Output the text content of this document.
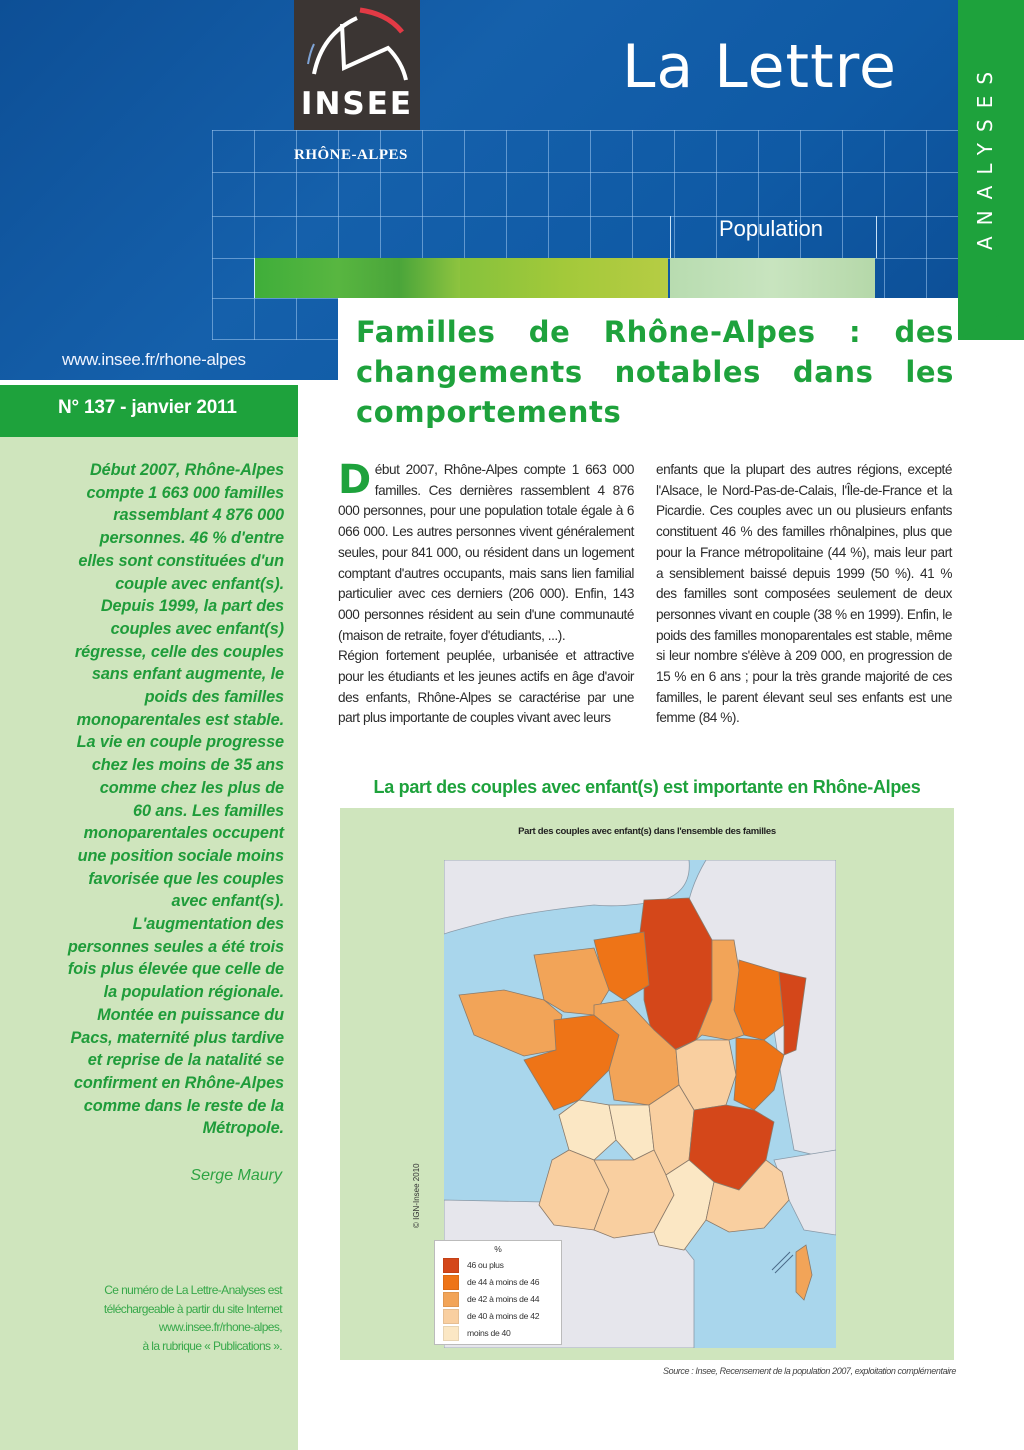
INSEE
RHÔNE-ALPES
La Lettre
Population
www.insee.fr/rhone-alpes
ANALYSES
N° 137 - janvier 2011
Début 2007, Rhône-Alpes
compte 1 663 000 familles
rassemblant 4 876 000
personnes. 46 % d'entre
elles sont constituées d'un
couple avec enfant(s).
Depuis 1999, la part des
couples avec enfant(s)
régresse, celle des couples
sans enfant augmente, le
poids des familles
monoparentales est stable.
La vie en couple progresse
chez les moins de 35 ans
comme chez les plus de
60 ans. Les familles
monoparentales occupent
une position sociale moins
favorisée que les couples
avec enfant(s).
L'augmentation des
personnes seules a été trois
fois plus élevée que celle de
la population régionale.
Montée en puissance du
Pacs, maternité plus tardive
et reprise de la natalité se
confirment en Rhône-Alpes
comme dans le reste de la
Métropole.
Serge Maury
Ce numéro de La Lettre-Analyses est
téléchargeable à partir du site Internet
www.insee.fr/rhone-alpes,
à la rubrique « Publications ».
Familles de Rhône-Alpes : des changements notables dans les comportements

Début 2007, Rhône-Alpes compte 1 663 000 familles. Ces dernières rassemblent 4 876 000 personnes, pour une population totale égale à 6 066 000. Les autres personnes vivent généralement seules, pour 841 000, ou résident dans un logement comptant d'autres occupants, mais sans lien familial particulier avec ces derniers (206 000). Enfin, 143 000 personnes résident au sein d'une communauté (maison de retraite, foyer d'étudiants, ...).

Région fortement peuplée, urbanisée et attractive pour les étudiants et les jeunes actifs en âge d'avoir des enfants, Rhône-Alpes se caractérise par une part plus importante de couples vivant avec leurs

enfants que la plupart des autres régions, excepté l'Alsace, le Nord-Pas-de-Calais, l'Île-de-France et la Picardie. Ces couples avec un ou plusieurs enfants constituent 46 % des familles rhônalpines, plus que pour la France métropolitaine (44 %), mais leur part a sensiblement baissé depuis 1999 (50 %). 41 % des familles sont composées seulement de deux personnes vivant en couple (38 % en 1999). Enfin, le poids des familles monoparentales est stable, même si leur nombre s'élève à 209 000, en progression de 15 % en 6 ans ; pour la très grande majorité de ces familles, le parent élevant seul ses enfants est une femme (84 %).

La part des couples avec enfant(s) est importante en Rhône-Alpes
Part des couples avec enfant(s) dans l'ensemble des familles
© IGN-Insee 2010
%
46 ou plus
de 44 à moins de 46
de 42 à moins de 44
de 40 à moins de 42
moins de 40
Source : Insee, Recensement de la population 2007, exploitation complémentaire
